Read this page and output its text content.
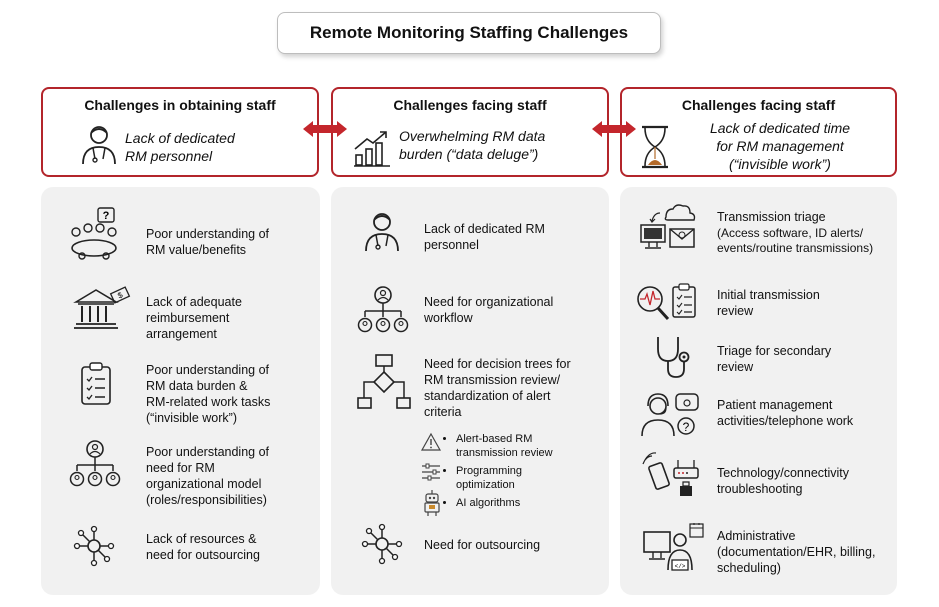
Remote Monitoring Staffing Challenges
Challenges in obtaining staff
Lack of dedicated
RM personnel
Challenges facing staff
Overwhelming RM data
burden (“data deluge”)
Challenges facing staff
Lack of dedicated time
for RM management
(“invisible work”)
?
Poor understanding of
RM value/benefits
$ Lack of adequate
reimbursement
arrangement
Poor understanding of
RM data burden &
RM-related work tasks
(“invisible work”)
Poor understanding of
need for RM
organizational model
(roles/responsibilities)
Lack of resources &
need for outsourcing
Lack of dedicated RM
personnel
Need for organizational
workflow
Need for decision trees for
RM transmission review/
standardization of alert
criteria
• Alert-based RM
transmission review
• Programming
optimization
• AI algorithms
Need for outsourcing
Transmission triage
(Access software, ID alerts/
events/routine transmissions)
Initial transmission
review
Triage for secondary
review
?
Patient management
activities/telephone work
Technology/connectivity
troubleshooting
</>
Administrative
(documentation/EHR, billing,
scheduling)
